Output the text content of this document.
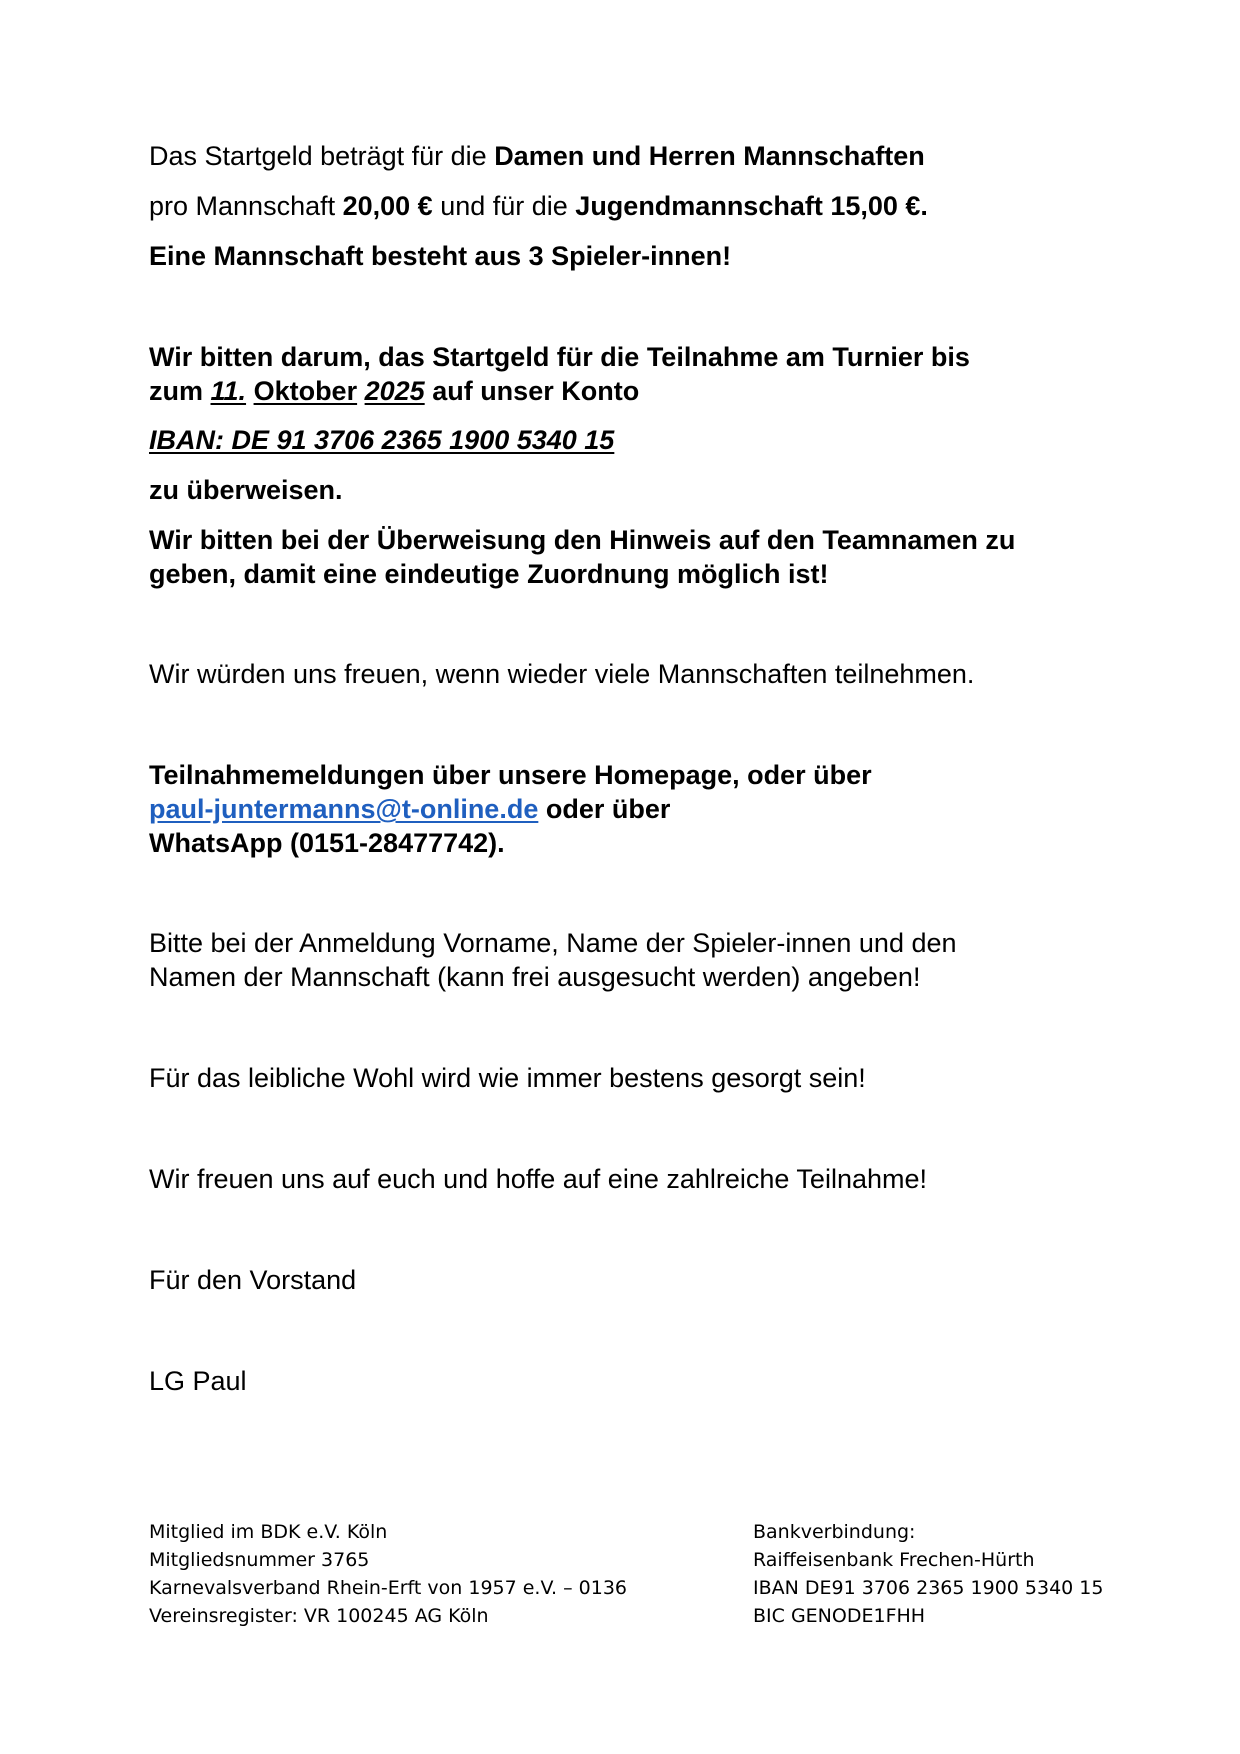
Das Startgeld beträgt für die Damen und Herren Mannschaften

pro Mannschaft 20,00 € und für die Jugendmannschaft 15,00 €.

Eine Mannschaft besteht aus 3 Spieler-innen!

Wir bitten darum, das Startgeld für die Teilnahme am Turnier bis

zum 11. Oktober 2025 auf unser Konto

IBAN: DE 91 3706 2365 1900 5340 15

zu überweisen.

Wir bitten bei der Überweisung den Hinweis auf den Teamnamen zu

geben, damit eine eindeutige Zuordnung möglich ist!

Wir würden uns freuen, wenn wieder viele Mannschaften teilnehmen.

Teilnahmemeldungen über unsere Homepage, oder über

paul-juntermanns@t-online.de oder über

WhatsApp (0151-28477742).

Bitte bei der Anmeldung Vorname, Name der Spieler-innen und den

Namen der Mannschaft (kann frei ausgesucht werden) angeben!

Für das leibliche Wohl wird wie immer bestens gesorgt sein!

Wir freuen uns auf euch und hoffe auf eine zahlreiche Teilnahme!

Für den Vorstand

LG Paul

Mitglied im BDK e.V. Köln
Mitgliedsnummer 3765
Karnevalsverband Rhein-Erft von 1957 e.V. – 0136
Vereinsregister: VR 100245 AG Köln
Bankverbindung:
Raiffeisenbank Frechen-Hürth
IBAN DE91 3706 2365 1900 5340 15
BIC GENODE1FHH
